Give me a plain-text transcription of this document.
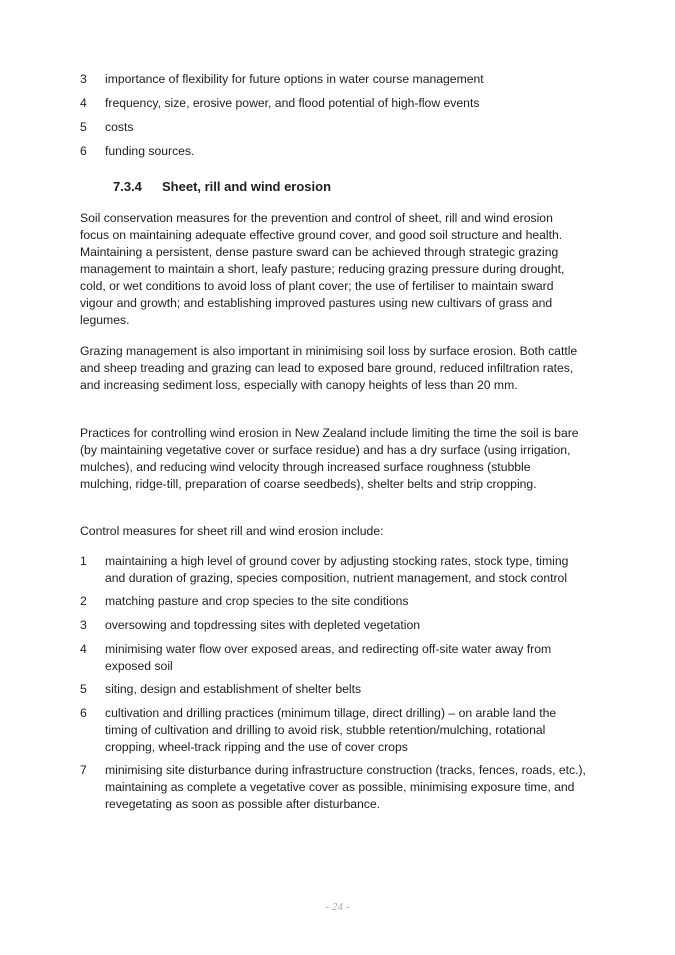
3	importance of flexibility for future options in water course management
4	frequency, size, erosive power, and flood potential of high-flow events
5	costs
6	funding sources.
7.3.4	Sheet, rill and wind erosion

Soil conservation measures for the prevention and control of sheet, rill and wind erosion focus on maintaining adequate effective ground cover, and good soil structure and health. Maintaining a persistent, dense pasture sward can be achieved through strategic grazing management to maintain a short, leafy pasture; reducing grazing pressure during drought, cold, or wet conditions to avoid loss of plant cover; the use of fertiliser to maintain sward vigour and growth; and establishing improved pastures using new cultivars of grass and legumes.

Grazing management is also important in minimising soil loss by surface erosion. Both cattle and sheep treading and grazing can lead to exposed bare ground, reduced infiltration rates, and increasing sediment loss, especially with canopy heights of less than 20 mm.

Practices for controlling wind erosion in New Zealand include limiting the time the soil is bare (by maintaining vegetative cover or surface residue) and has a dry surface (using irrigation, mulches), and reducing wind velocity through increased surface roughness (stubble mulching, ridge-till, preparation of coarse seedbeds), shelter belts and strip cropping.

Control measures for sheet rill and wind erosion include:

1	maintaining a high level of ground cover by adjusting stocking rates, stock type, timing and duration of grazing, species composition, nutrient management, and stock control
2	matching pasture and crop species to the site conditions
3	oversowing and topdressing sites with depleted vegetation
4	minimising water flow over exposed areas, and redirecting off-site water away from exposed soil
5	siting, design and establishment of shelter belts
6	cultivation and drilling practices (minimum tillage, direct drilling) – on arable land the timing of cultivation and drilling to avoid risk, stubble retention/mulching, rotational cropping, wheel-track ripping and the use of cover crops
7	minimising site disturbance during infrastructure construction (tracks, fences, roads, etc.), maintaining as complete a vegetative cover as possible, minimising exposure time, and revegetating as soon as possible after disturbance.
- 24 -
